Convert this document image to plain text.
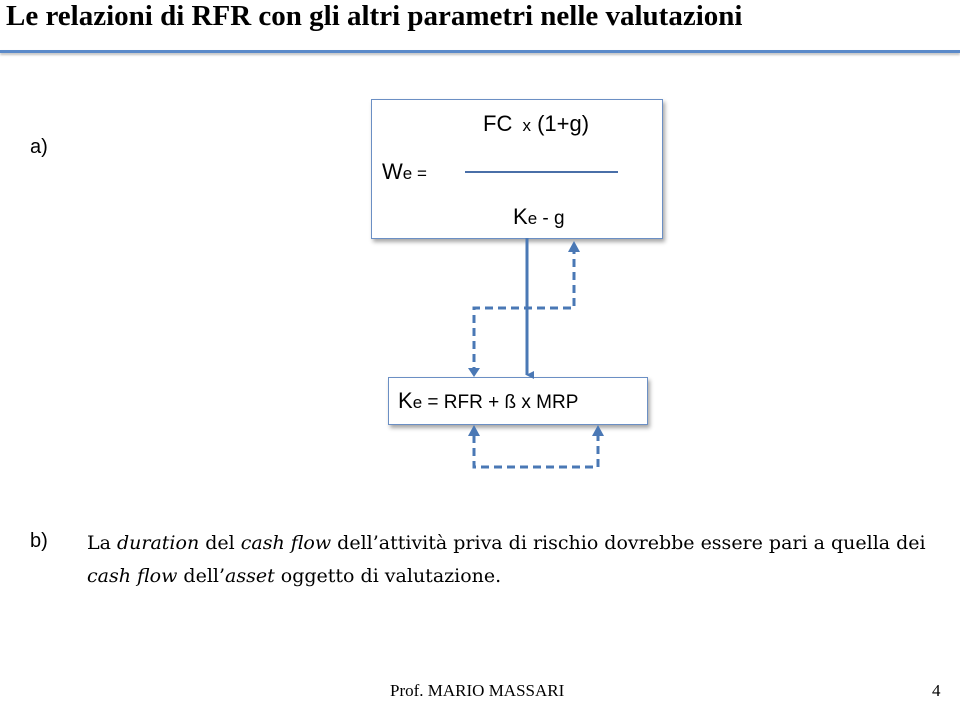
Le relazioni di RFR con gli altri parametri nelle valutazioni
a)
We =
FC x (1+g)
Ke - g
Ke = RFR + ß x MRP
b) La duration del cash flow dell’attività priva di rischio dovrebbe essere pari a quella dei cash flow dell’asset oggetto di valutazione.
Prof. MARIO MASSARI	4
